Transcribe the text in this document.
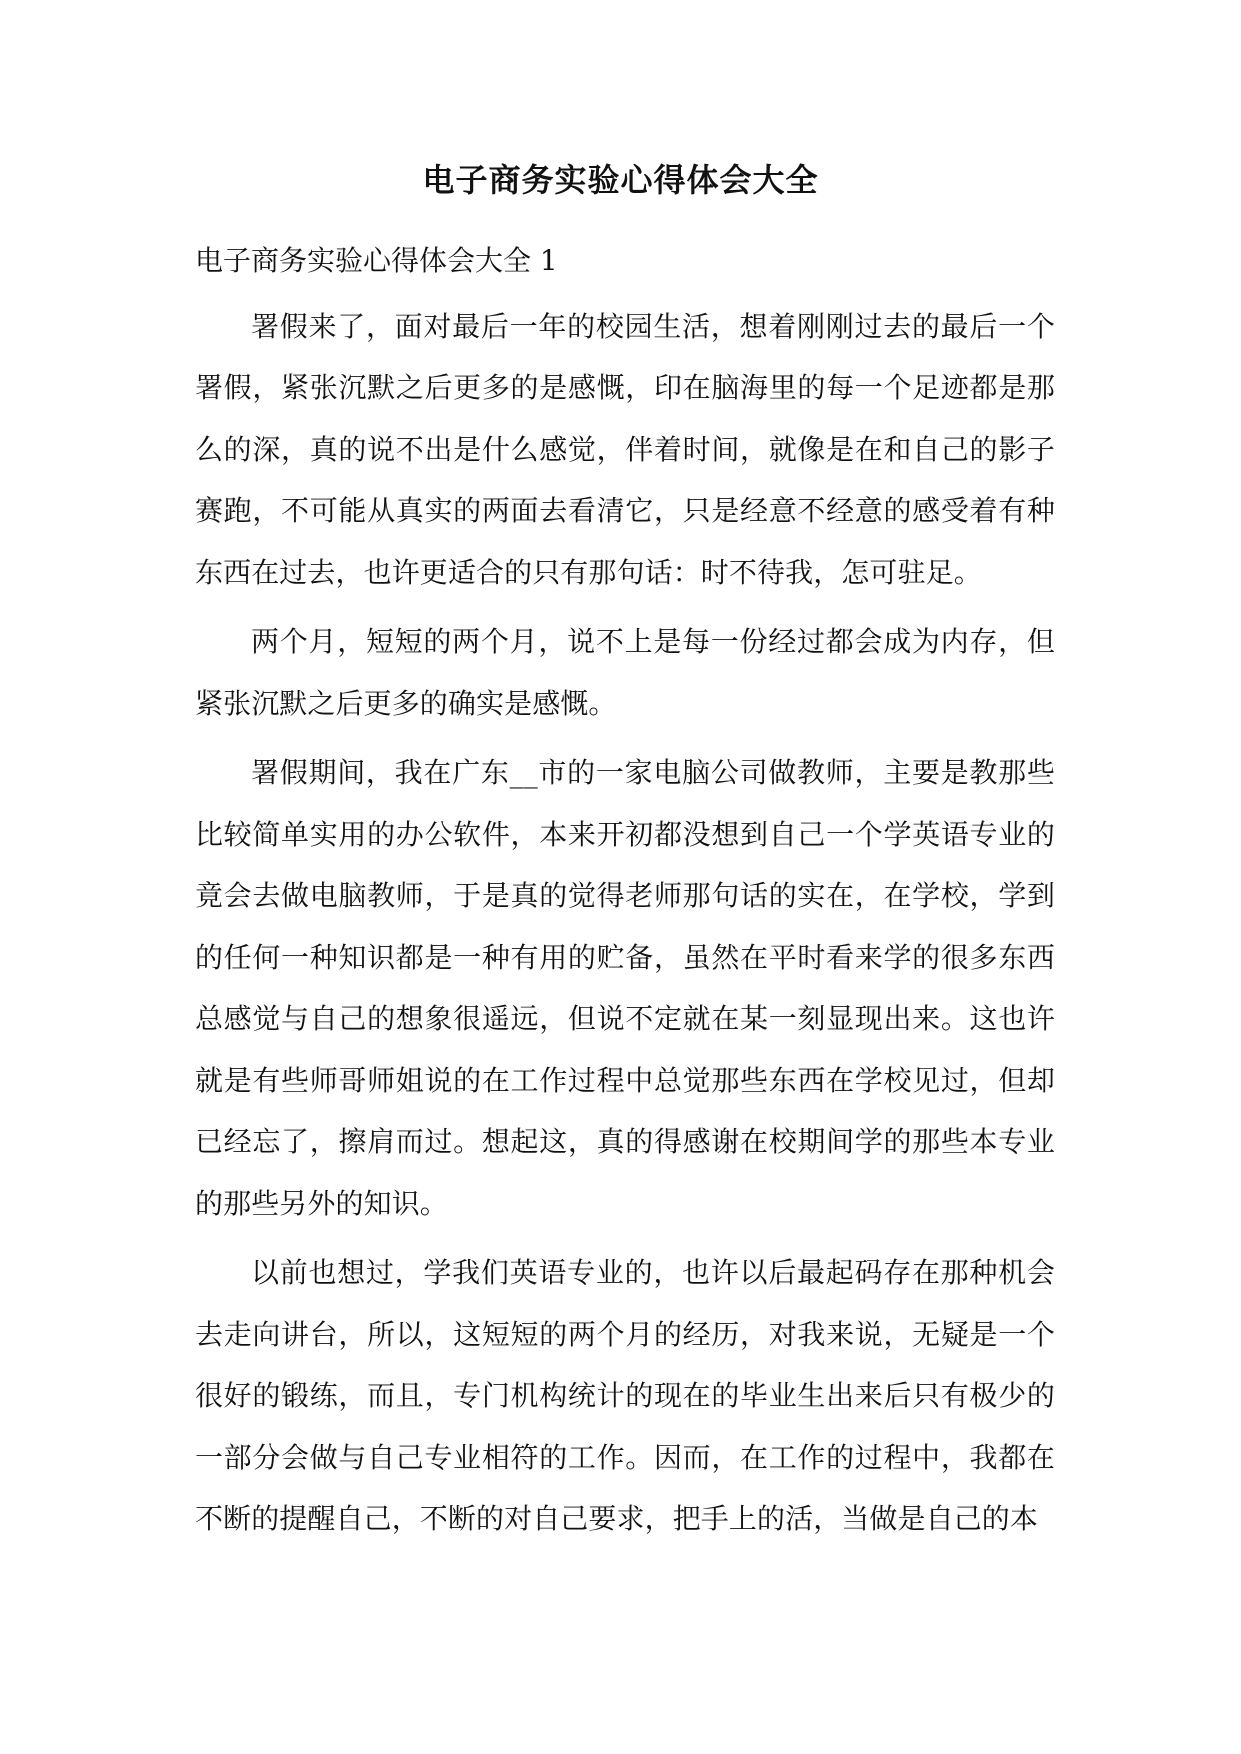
电子商务实验心得体会大全
电子商务实验心得体会大全 1

署假来了，面对最后一年的校园生活，想着刚刚过去的最后一个署假，紧张沉默之后更多的是感慨，印在脑海里的每一个足迹都是那么的深，真的说不出是什么感觉，伴着时间，就像是在和自己的影子赛跑，不可能从真实的两面去看清它，只是经意不经意的感受着有种东西在过去，也许更适合的只有那句话：时不待我，怎可驻足。

两个月，短短的两个月，说不上是每一份经过都会成为内存，但紧张沉默之后更多的确实是感慨。

署假期间，我在广东__市的一家电脑公司做教师，主要是教那些比较简单实用的办公软件，本来开初都没想到自己一个学英语专业的竟会去做电脑教师，于是真的觉得老师那句话的实在，在学校，学到的任何一种知识都是一种有用的贮备，虽然在平时看来学的很多东西总感觉与自己的想象很遥远，但说不定就在某一刻显现出来。这也许就是有些师哥师姐说的在工作过程中总觉那些东西在学校见过，但却已经忘了，擦肩而过。想起这，真的得感谢在校期间学的那些本专业的那些另外的知识。

以前也想过，学我们英语专业的，也许以后最起码存在那种机会去走向讲台，所以，这短短的两个月的经历，对我来说，无疑是一个很好的锻练，而且，专门机构统计的现在的毕业生出来后只有极少的一部分会做与自己专业相符的工作。因而，在工作的过程中，我都在不断的提醒自己，不断的对自己要求，把手上的活，当做是自己的本
